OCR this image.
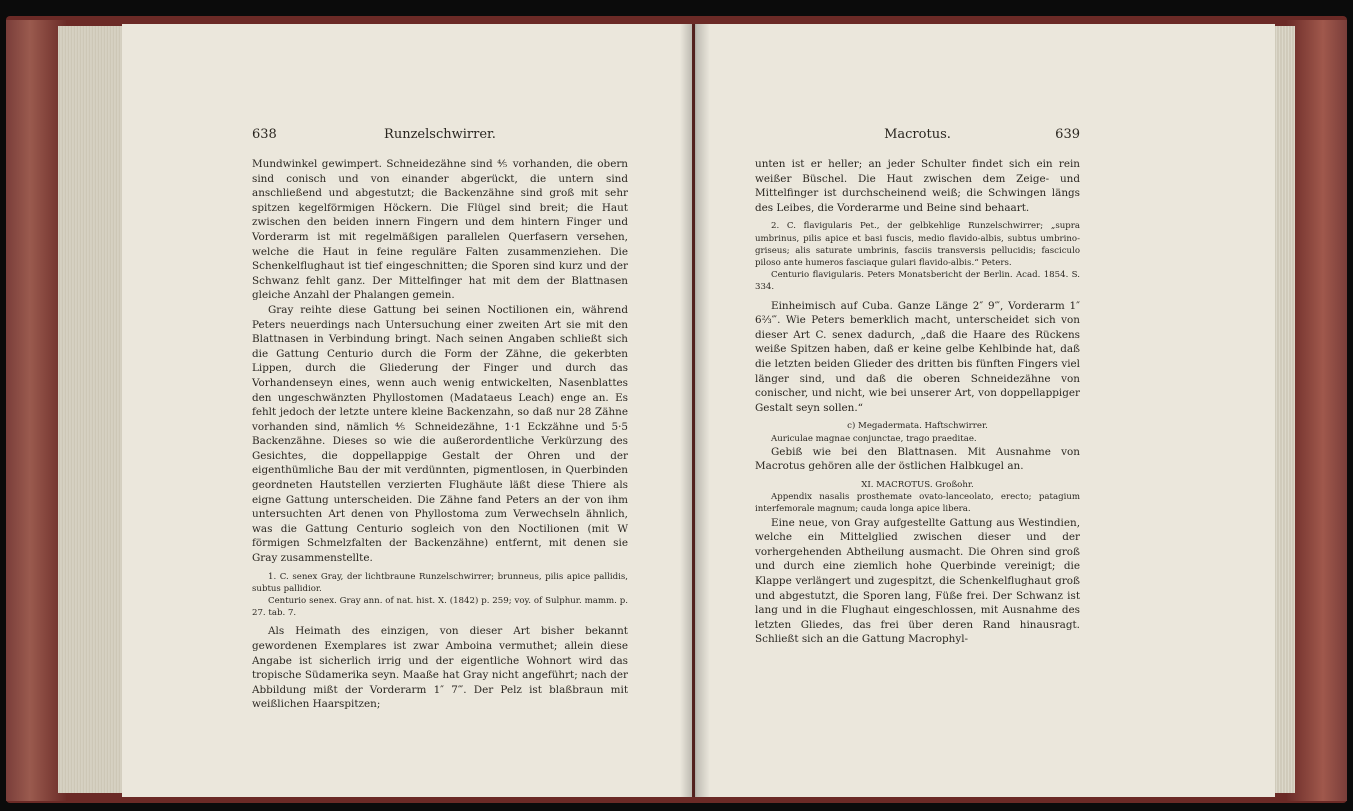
638	Runzelschwirrer.

Mundwinkel gewimpert. Schneidezähne sind ⅘ vorhanden, die obern sind conisch und von einander abgerückt, die untern sind anschließend und abgestutzt; die Backenzähne sind groß mit sehr spitzen kegelförmigen Höckern. Die Flügel sind breit; die Haut zwischen den beiden innern Fingern und dem hintern Finger und Vorderarm ist mit regelmäßigen parallelen Querfasern versehen, welche die Haut in feine reguläre Falten zusammenziehen. Die Schenkelflughaut ist tief eingeschnitten; die Sporen sind kurz und der Schwanz fehlt ganz. Der Mittelfinger hat mit dem der Blattnasen gleiche Anzahl der Phalangen gemein.

Gray reihte diese Gattung bei seinen Noctilionen ein, während Peters neuerdings nach Untersuchung einer zweiten Art sie mit den Blattnasen in Verbindung bringt. Nach seinen Angaben schließt sich die Gattung Centurio durch die Form der Zähne, die gekerbten Lippen, durch die Gliederung der Finger und durch das Vorhandenseyn eines, wenn auch wenig entwickelten, Nasenblattes den ungeschwänzten Phyllostomen (Madataeus Leach) enge an. Es fehlt jedoch der letzte untere kleine Backenzahn, so daß nur 28 Zähne vorhanden sind, nämlich ⅘ Schneidezähne, 1·1 Eckzähne und 5·5 Backenzähne. Dieses so wie die außerordentliche Verkürzung des Gesichtes, die doppellappige Gestalt der Ohren und der eigenthümliche Bau der mit verdünnten, pigmentlosen, in Querbinden geordneten Hautstellen verzierten Flughäute läßt diese Thiere als eigne Gattung unterscheiden. Die Zähne fand Peters an der von ihm untersuchten Art denen von Phyllostoma zum Verwechseln ähnlich, was die Gattung Centurio sogleich von den Noctilionen (mit W förmigen Schmelzfalten der Backenzähne) entfernt, mit denen sie Gray zusammenstellte.

1. C. senex Gray, der lichtbraune Runzelschwirrer; brunneus, pilis apice pallidis, subtus pallidior.

Centurio senex. Gray ann. of nat. hist. X. (1842) p. 259; voy. of Sulphur. mamm. p. 27. tab. 7.

Als Heimath des einzigen, von dieser Art bisher bekannt gewordenen Exemplares ist zwar Amboina vermuthet; allein diese Angabe ist sicherlich irrig und der eigentliche Wohnort wird das tropische Südamerika seyn. Maaße hat Gray nicht angeführt; nach der Abbildung mißt der Vorderarm 1″ 7‴. Der Pelz ist blaßbraun mit weißlichen Haarspitzen;

Macrotus.	639

unten ist er heller; an jeder Schulter findet sich ein rein weißer Büschel. Die Haut zwischen dem Zeige- und Mittelfinger ist durchscheinend weiß; die Schwingen längs des Leibes, die Vorderarme und Beine sind behaart.

2. C. flavigularis Pet., der gelbkehlige Runzelschwirrer; „supra umbrinus, pilis apice et basi fuscis, medio flavido-albis, subtus umbrino-griseus; alis saturate umbrinis, fasciis transversis pellucidis; fasciculo piloso ante humeros fasciaque gulari flavido-albis.“ Peters.

Centurio flavigularis. Peters Monatsbericht der Berlin. Acad. 1854. S. 334.

Einheimisch auf Cuba. Ganze Länge 2″ 9‴, Vorderarm 1″ 6⅔‴. Wie Peters bemerklich macht, unterscheidet sich von dieser Art C. senex dadurch, „daß die Haare des Rückens weiße Spitzen haben, daß er keine gelbe Kehlbinde hat, daß die letzten beiden Glieder des dritten bis fünften Fingers viel länger sind, und daß die oberen Schneidezähne von conischer, und nicht, wie bei unserer Art, von doppellappiger Gestalt seyn sollen.“

c) Megadermata. Haftschwirrer.

Auriculae magnae conjunctae, trago praeditae.

Gebiß wie bei den Blattnasen. Mit Ausnahme von Macrotus gehören alle der östlichen Halbkugel an.

XI. MACROTUS. Großohr.

Appendix nasalis prosthemate ovato-lanceolato, erecto; patagium interfemorale magnum; cauda longa apice libera.

Eine neue, von Gray aufgestellte Gattung aus Westindien, welche ein Mittelglied zwischen dieser und der vorhergehenden Abtheilung ausmacht. Die Ohren sind groß und durch eine ziemlich hohe Querbinde vereinigt; die Klappe verlängert und zugespitzt, die Schenkelflughaut groß und abgestutzt, die Sporen lang, Füße frei. Der Schwanz ist lang und in die Flughaut eingeschlossen, mit Ausnahme des letzten Gliedes, das frei über deren Rand hinausragt. Schließt sich an die Gattung Macrophyl-
